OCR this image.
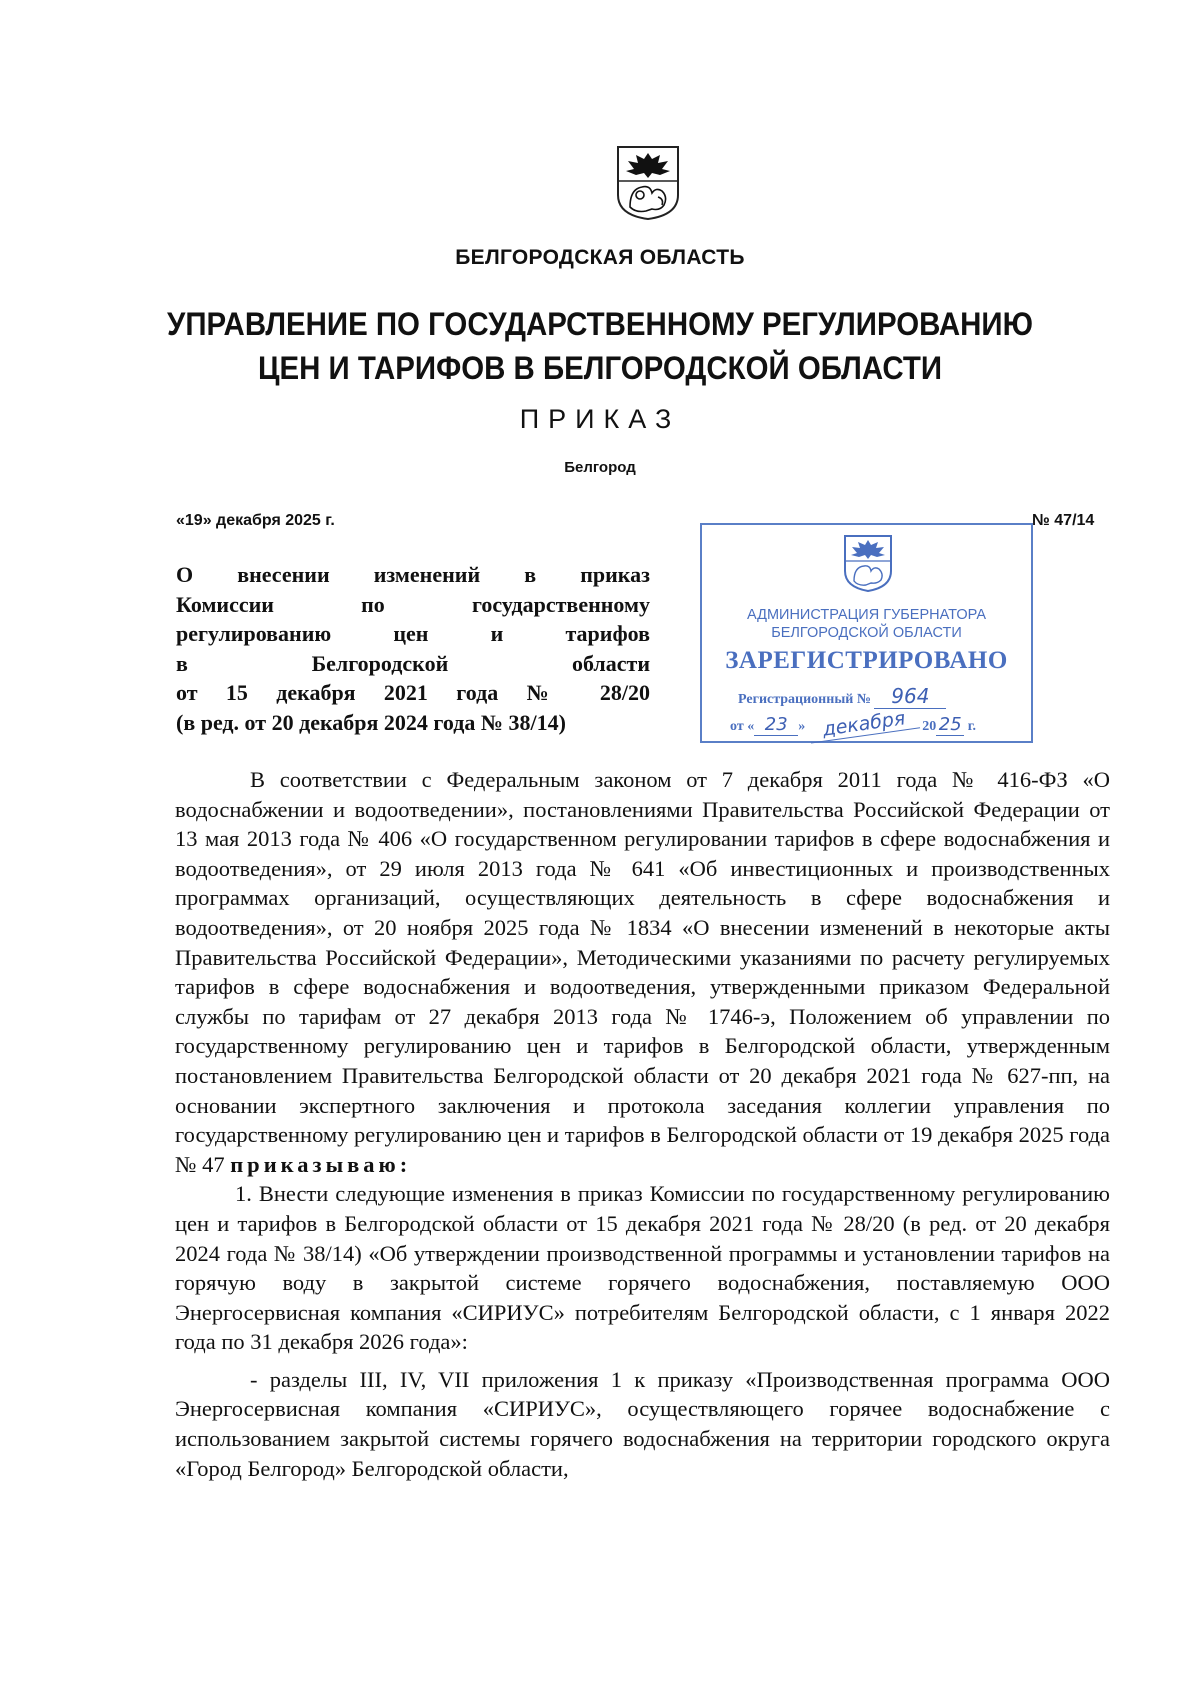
БЕЛГОРОДСКАЯ ОБЛАСТЬ
УПРАВЛЕНИЕ ПО ГОСУДАРСТВЕННОМУ РЕГУЛИРОВАНИЮ
ЦЕН И ТАРИФОВ В БЕЛГОРОДСКОЙ ОБЛАСТИ
ПРИКАЗ
Белгород
«19» декабря 2025 г.	№ 47/14
О внесении изменений в приказ
Комиссии по государственному
регулированию цен и тарифов
в Белгородской области
от 15 декабря 2021 года № 28/20
(в ред. от 20 декабря 2024 года № 38/14)
АДМИНИСТРАЦИЯ ГУБЕРНАТОРА
БЕЛГОРОДСКОЙ ОБЛАСТИ
ЗАРЕГИСТРИРОВАНО
Регистрационный № 964
от « 23 » декабря 20 25 г.

В соответствии с Федеральным законом от 7 декабря 2011 года № 416-ФЗ «О водоснабжении и водоотведении», постановлениями Правительства Российской Федерации от 13 мая 2013 года № 406 «О государственном регулировании тарифов в сфере водоснабжения и водоотведения», от 29 июля 2013 года № 641 «Об инвестиционных и производственных программах организаций, осуществляющих деятельность в сфере водоснабжения и водоотведения», от 20 ноября 2025 года № 1834 «О внесении изменений в некоторые акты Правительства Российской Федерации», Методическими указаниями по расчету регулируемых тарифов в сфере водоснабжения и водоотведения, утвержденными приказом Федеральной службы по тарифам от 27 декабря 2013 года № 1746-э, Положением об управлении по государственному регулированию цен и тарифов в Белгородской области, утвержденным постановлением Правительства Белгородской области от 20 декабря 2021 года № 627-пп, на основании экспертного заключения и протокола заседания коллегии управления по государственному регулированию цен и тарифов в Белгородской области от 19 декабря 2025 года № 47 приказываю:

1. Внести следующие изменения в приказ Комиссии по государственному регулированию цен и тарифов в Белгородской области от 15 декабря 2021 года № 28/20 (в ред. от 20 декабря 2024 года № 38/14) «Об утверждении производственной программы и установлении тарифов на горячую воду в закрытой системе горячего водоснабжения, поставляемую ООО Энергосервисная компания «СИРИУС» потребителям Белгородской области, с 1 января 2022 года по 31 декабря 2026 года»:

- разделы III, IV, VII приложения 1 к приказу «Производственная программа ООО Энергосервисная компания «СИРИУС», осуществляющего горячее водоснабжение с использованием закрытой системы горячего водоснабжения на территории городского округа «Город Белгород» Белгородской области,
